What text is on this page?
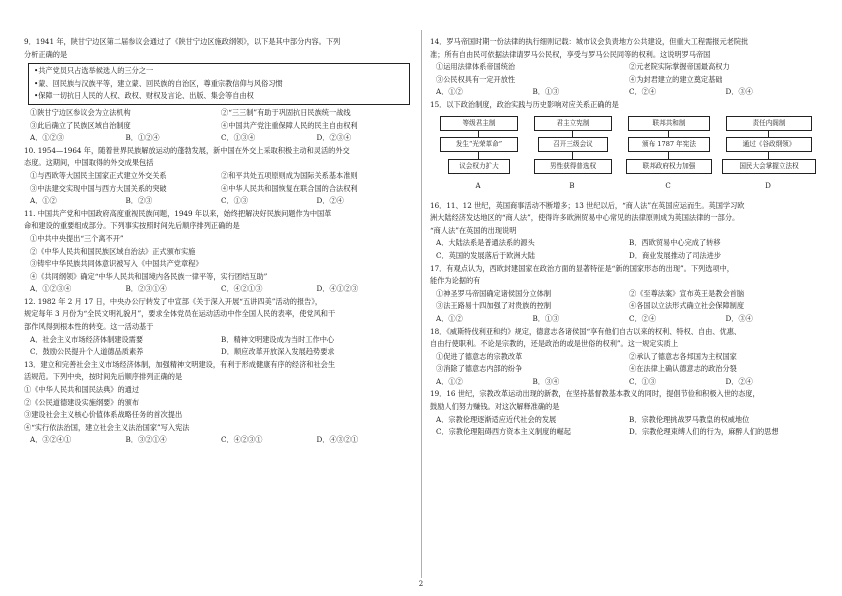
9．1941 年，陕甘宁边区第二届参议会通过了《陕甘宁边区施政纲领》，以下是其中部分内容。下列

分析正确的是

•共产党员只占选举候选人的三分之一

•蒙、回民族与汉族平等，建立蒙、回民族的自治区，尊重宗教信仰与风俗习惯

•保障一切抗日人民的人权、政权、财权及言论、出版、集会等自由权

①陕甘宁边区参议会为立法机构	②“三三制”有助于巩固抗日民族统一战线
③此后确立了民族区域自治制度	④中国共产党注重保障人民的民主自由权利
A．①②③	B．①②④	C．①③④	D．②③④

10. 1954—1964 年，随着世界民族解放运动的蓬勃发展，新中国在外交上采取积极主动和灵活的外交

态度。这期间，中国取得的外交成果包括

①与西欧等大国民主国家正式建立外交关系	②和平共处五项原则成为国际关系基本准则
③中法建交实现中国与西方大国关系的突破	④中华人民共和国恢复在联合国的合法权利
A．①②	B．②③	C．①③	D．②④

11. 中国共产党和中国政府高度重视民族问题，1949 年以来，始终把解决好民族问题作为中国革

命和建设的重要组成部分。下列事实按照时间先后顺序排列正确的是

①中共中央提出“三个离不开”

②《中华人民共和国民族区域自治法》正式颁布实施

③铸牢中华民族共同体意识被写入《中国共产党章程》

④《共同纲领》确定“中华人民共和国境内各民族一律平等，实行团结互助”

A．①②③④	B．②③①④	C．④②①③	D．④①②③

12. 1982 年 2 月 17 日，中央办公厅转发了中宣部《关于深入开展“五讲四美”活动的报告》，

规定每年 3 月份为“全民文明礼貌月”，要求全体党员在运动活动中作全国人民的表率，使党风和干

部作风得到根本性的转变。这一活动基于

A．社会主义市场经济体制建设需要	B．精神文明建设成为当时工作中心
C．鼓励公民提升个人道德品质素养	D．顺应改革开放深入发展趋势要求

13．建立和完善社会主义市场经济体制，加强精神文明建设，有利于形成健康有序的经济和社会生

活规范。下列中央，按时间先后顺序排列正确的是

①《中华人民共和国民法典》的通过

②《公民道德建设实施纲要》的颁布

③建设社会主义核心价值体系战略任务的首次提出

④“实行依法治国，建立社会主义法治国家”写入宪法

A．③②④①	B．③②①④	C．④②③①	D．④③②①

14．罗马帝国时期一份法律的执行细则记载：城市议会负责地方公共建设，但重大工程需报元老院批

准；所有自由民可依据法律请罗马公民权，享受与罗马公民同等的权利。这说明罗马帝国

①运用法律体系帝国统治	②元老院实际掌握帝国最高权力
③公民权具有一定开放性	④为封君建立的建立奠定基础
A．①②	B．①③	C．②④	D．③④

15．以下政治制度，政治实践与历史影响对应关系正确的是

等级君主制
发生“光荣革命”
议会权力扩大
A
君主立宪制
召开三级会议
男性获得普选权
B
联邦共和制
颁布 1787 年宪法
联邦政府权力加强
C
责任内阁制
通过《谷政纲领》
国民大会掌握立法权
D

16．11、12 世纪，英国商事活动不断增多；13 世纪以后，“商人法”在英国应运而生。英国学习欧

洲大陆经济发达地区的“商人法”，使得许多欧洲贸易中心常见的法律原则成为英国法律的一部分。

“商人法”在英国的出现说明

A．大陆法系是普通法系的源头	B．西欧贸易中心完成了转移
C．英国的发展落后于欧洲大陆	D．商业发展推动了司法进步

17．有观点认为，西欧封建国家在政治方面的显著特征是“新的国家形态的出现”。下列选项中，

能作为论据的有

①神圣罗马帝国确定诸侯国分立体制	②《至尊法案》宣布英王是教会首脑
③法王路易十四加强了对贵族的控制	④各国以立法形式确立社会保障制度
A．①②	B．①③	C．②④	D．③④

18．《威斯特伐利亚和约》规定，德意志各诸侯国“享有他们自古以来的权利、特权、自由、优惠、

自由行使职利。不论是宗教的，还是政治的或是世俗的权利”。这一规定实质上

①促进了德意志的宗教改革	②承认了德意志各邦国为主权国家
③消除了德意志内部的纷争	④在法律上确认德意志的政治分裂
A．①②	B．③④	C．①③	D．②④

19．16 世纪，宗教改革运动出现的新教，在坚持基督教基本教义的同时，提倡节俭和积极入世的态度，

鼓励人们努力赚钱。对这次解释准确的是

A．宗教伦理逐渐适应近代社会的发展	B．宗教伦理挑战罗马教皇的权威地位
C．宗教伦理阻碍西方资本主义制度的崛起	D．宗教伦理束缚人们的行为，麻醉人们的思想
2
